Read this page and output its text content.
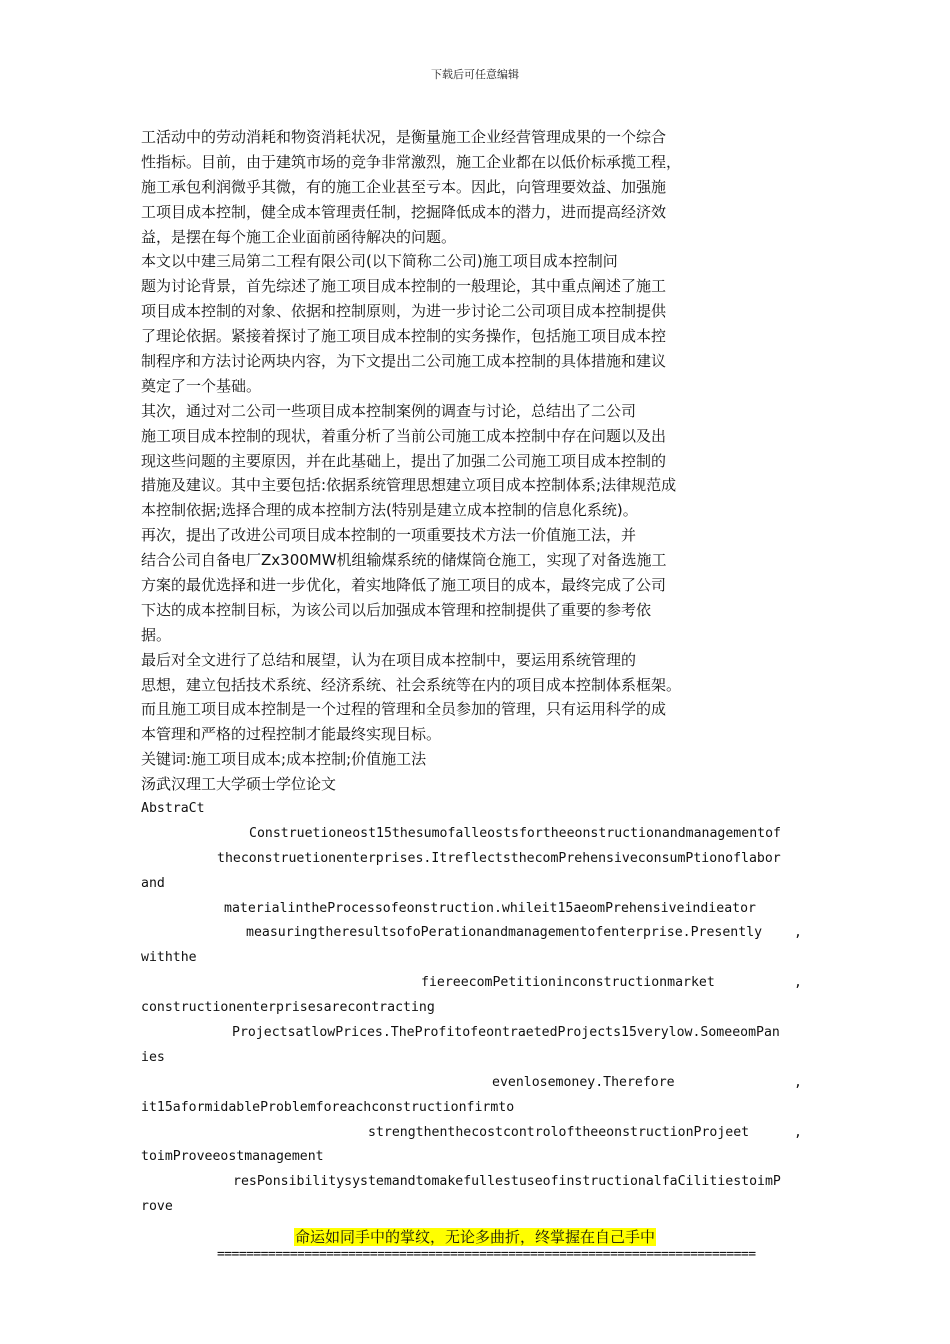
下载后可任意编辑
工活动中的劳动消耗和物资消耗状况，是衡量施工企业经营管理成果的一个综合
性指标。目前，由于建筑市场的竞争非常激烈，施工企业都在以低价标承揽工程，
施工承包利润微乎其微，有的施工企业甚至亏本。因此，向管理要效益、加强施
工项目成本控制，健全成本管理责任制，挖掘降低成本的潜力，进而提高经济效
益，是摆在每个施工企业面前函待解决的问题。
本文以中建三局第二工程有限公司(以下简称二公司)施工项目成本控制问
题为讨论背景，首先综述了施工项目成本控制的一般理论，其中重点阐述了施工
项目成本控制的对象、依据和控制原则，为进一步讨论二公司项目成本控制提供
了理论依据。紧接着探讨了施工项目成本控制的实务操作，包括施工项目成本控
制程序和方法讨论两块内容，为下文提出二公司施工成本控制的具体措施和建议
奠定了一个基础。
其次，通过对二公司一些项目成本控制案例的调查与讨论，总结出了二公司
施工项目成本控制的现状，着重分析了当前公司施工成本控制中存在问题以及出
现这些问题的主要原因，并在此基础上，提出了加强二公司施工项目成本控制的
措施及建议。其中主要包括:依据系统管理思想建立项目成本控制体系;法律规范成
本控制依据;选择合理的成本控制方法(特别是建立成本控制的信息化系统)。
再次，提出了改进公司项目成本控制的一项重要技术方法一价值施工法，并
结合公司自备电厂Zx300MW机组输煤系统的储煤筒仓施工，实现了对备选施工
方案的最优选择和进一步优化，着实地降低了施工项目的成本，最终完成了公司
下达的成本控制目标，为该公司以后加强成本管理和控制提供了重要的参考依
据。
最后对全文进行了总结和展望，认为在项目成本控制中，要运用系统管理的
思想，建立包括技术系统、经济系统、社会系统等在内的项目成本控制体系框架。
而且施工项目成本控制是一个过程的管理和全员参加的管理，只有运用科学的成
本管理和严格的过程控制才能最终实现目标。
关键词:施工项目成本;成本控制;价值施工法
汤武汉理工大学硕士学位论文
AbstraCt
Construetioneost15thesumofalleostsfortheeonstructionandmanagementof
theconstruetionenterprises.ItreflectsthecomPrehensiveconsumPtionoflabor
and
materialintheProcessofeonstruction.whileit15aeomPrehensiveindieator
measuringtheresultsofoPerationandmanagementofenterprise.Presently ,
withthe
fiereecomPetitioninconstructionmarket	,
constructionenterprisesarecontracting
ProjectsatlowPrices.TheProfitofeontraetedProjects15verylow.SomeeomPan
ies
evenlosemoney.Therefore	,
it15aformidableProblemforeachconstructionfirmto
strengthenthecostcontroloftheeonstructionProjeet	,
toimProveeostmanagement
resPonsibilitysystemandtomakefullestuseofinstructionalfaCilitiestoimP
rove
命运如同手中的掌纹，无论多曲折，终掌握在自己手中
==========================================================================
